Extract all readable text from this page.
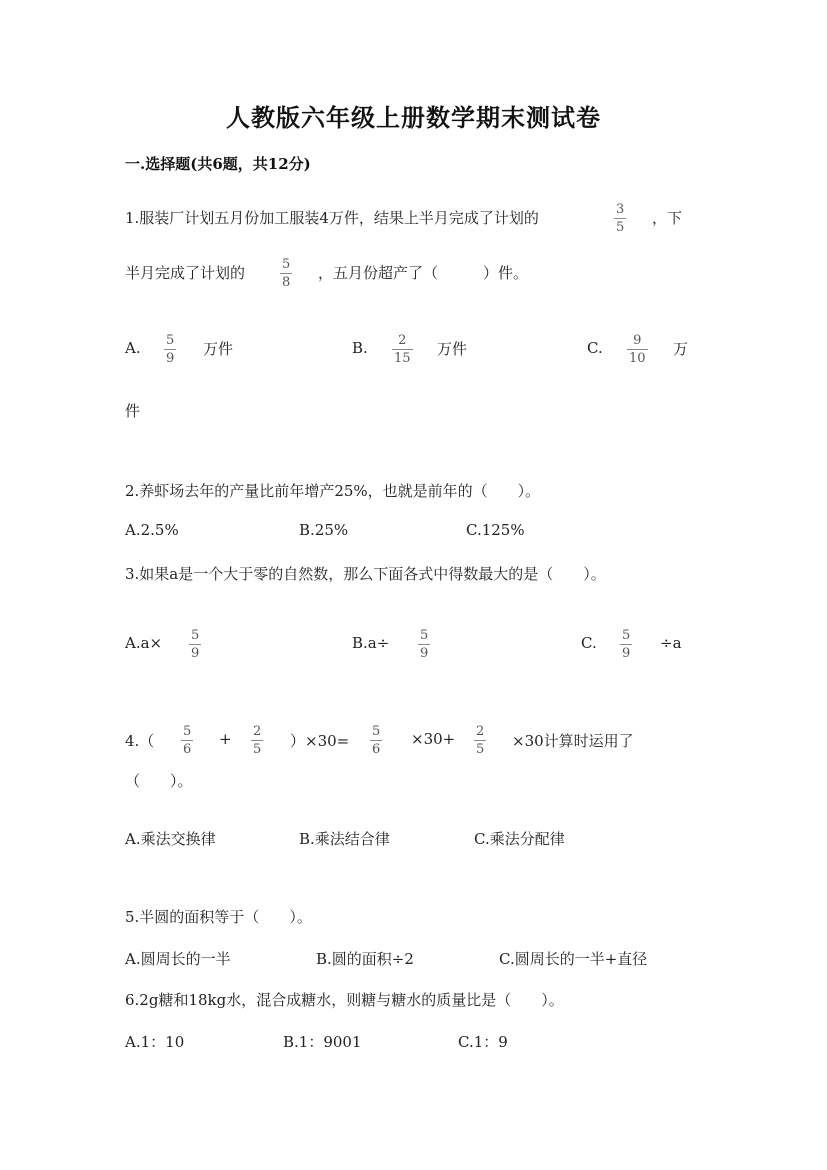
人教版六年级上册数学期末测试卷
一.选择题(共6题，共12分)
1.服装厂计划五月份加工服装4万件，结果上半月完成了计划的	3
5
，下
半月完成了计划的	5
8
，五月份超产了（　　　）件。
A. 5
9
万件	B. 2
15
万件	C. 9
10
万
件
2.养虾场去年的产量比前年增产25%，也就是前年的（　　）。
A.2.5%	B.25%	C.125%
3.如果a是一个大于零的自然数，那么下面各式中得数最大的是（　　）。
A.a× 5
9
B.a÷ 5
9
C. 5
9
÷a
4.（
5
6
+ 2
5 ）×30=
5
6
×30+ 2
5 ×30计算时运用了
（　　）。
A.乘法交换律	B.乘法结合律	C.乘法分配律
5.半圆的面积等于（　　）。
A.圆周长的一半	B.圆的面积÷2	C.圆周长的一半+直径
6.2g糖和18kg水，混合成糖水，则糖与糖水的质量比是（　　）。
A.1：10	B.1：9001	C.1：9
